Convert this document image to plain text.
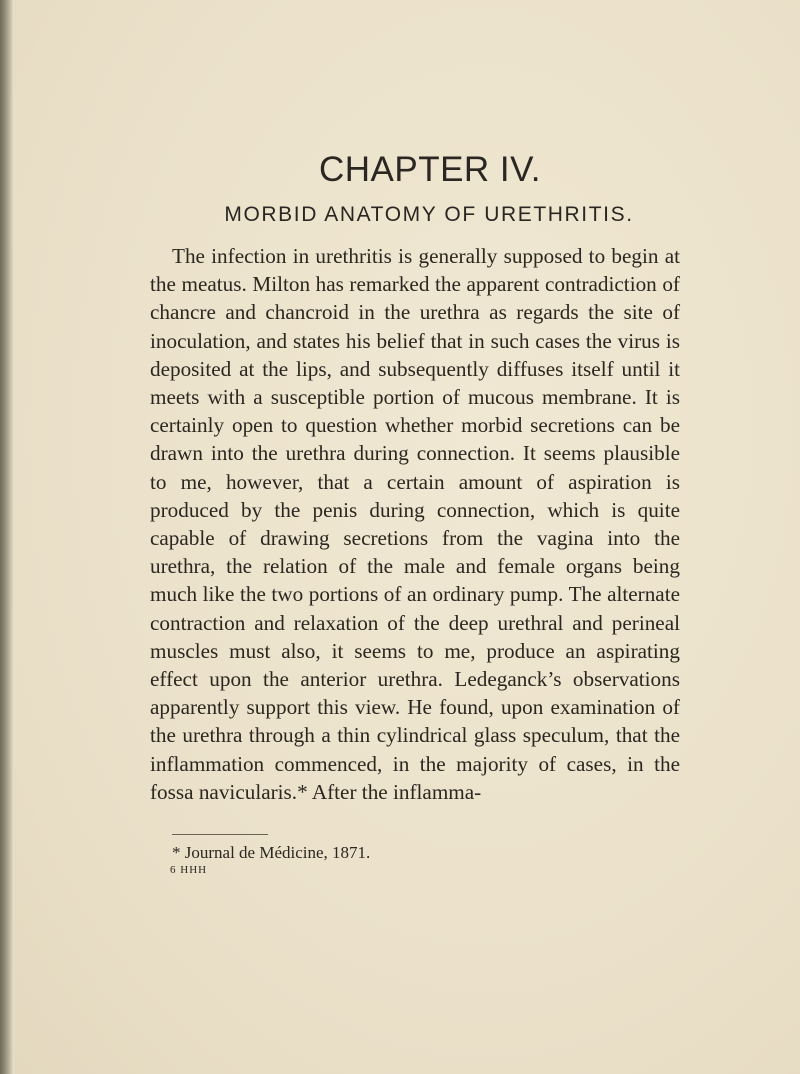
CHAPTER IV.
MORBID ANATOMY OF URETHRITIS.

The infection in urethritis is generally supposed to begin at the meatus. Milton has remarked the apparent contradiction of chancre and chancroid in the urethra as regards the site of inoculation, and states his belief that in such cases the virus is deposited at the lips, and subsequently diffuses itself until it meets with a susceptible portion of mucous membrane. It is certainly open to question whether morbid secretions can be drawn into the urethra during connection. It seems plausible to me, however, that a certain amount of aspiration is produced by the penis during connection, which is quite capable of drawing secretions from the vagina into the urethra, the relation of the male and female organs being much like the two portions of an ordinary pump. The alternate contraction and relaxation of the deep urethral and perineal muscles must also, it seems to me, produce an aspirating effect upon the anterior urethra. Ledeganck’s observations apparently support this view. He found, upon examination of the urethra through a thin cylindrical glass speculum, that the inflammation commenced, in the majority of cases, in the fossa navicularis.* After the inflamma-

* Journal de Médicine, 1871.

6 HHH
